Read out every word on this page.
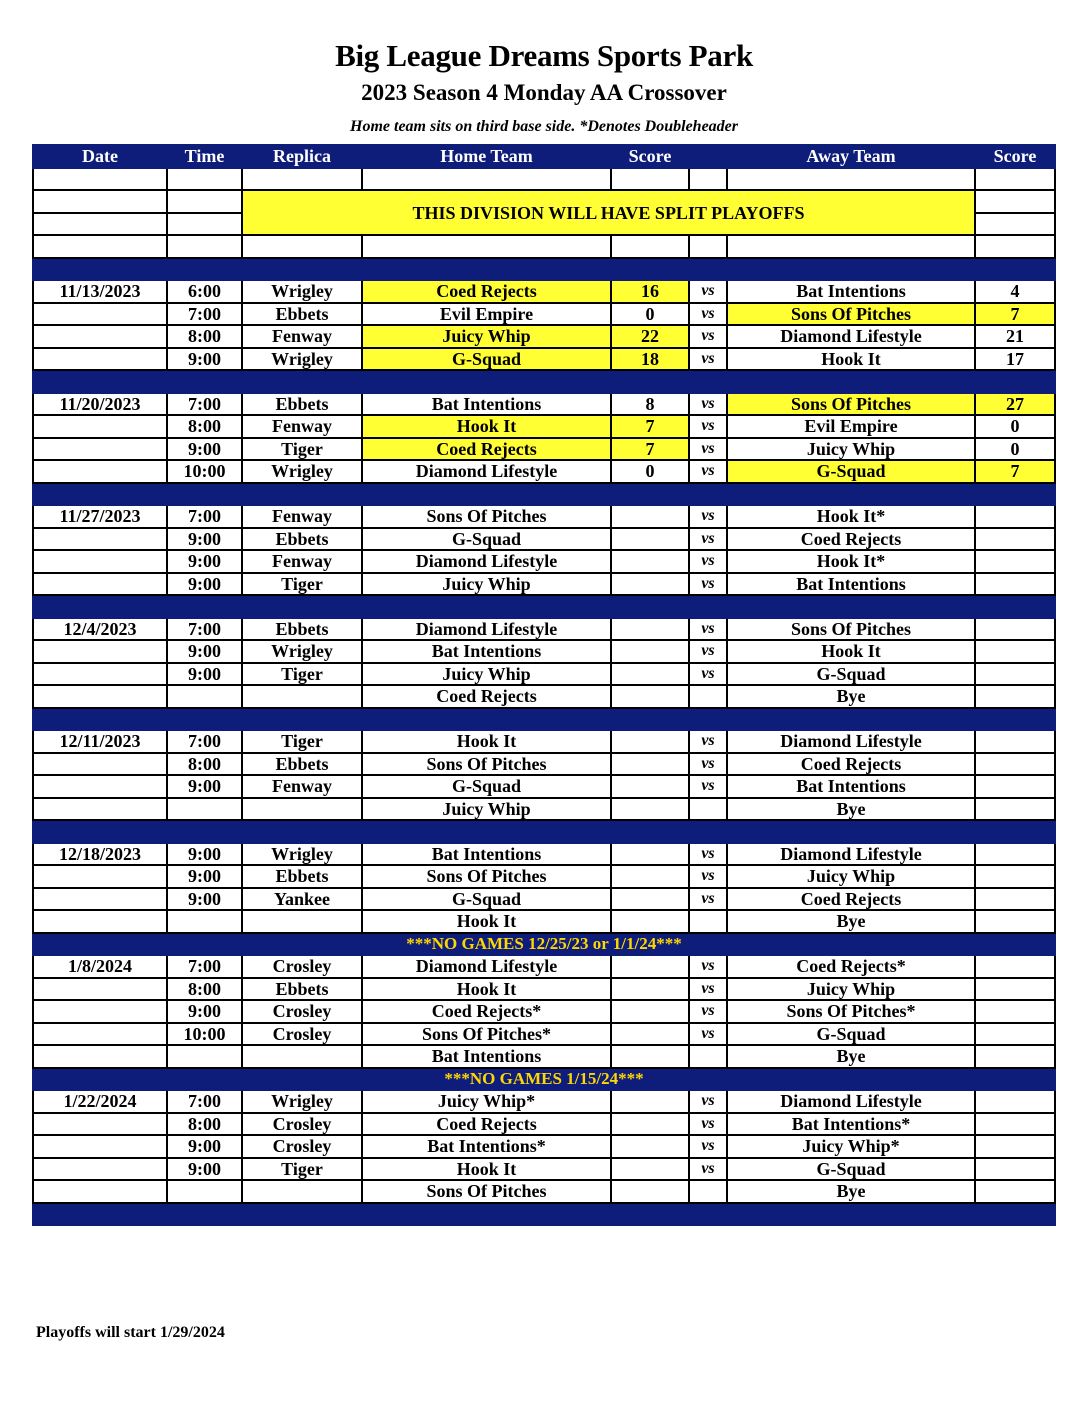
Big League Dreams Sports Park
2023 Season 4 Monday AA Crossover
Home team sits on third base side. *Denotes Doubleheader
Date	Time	Replica	Home Team	Score		Away Team	Score

		THIS DIVISION WILL HAVE SPLIT PLAYOFFS					

11/13/2023	6:00	Wrigley	Coed Rejects	16	vs	Bat Intentions	4
	7:00	Ebbets	Evil Empire	0	vs	Sons Of Pitches	7
	8:00	Fenway	Juicy Whip	22	vs	Diamond Lifestyle	21
	9:00	Wrigley	G-Squad	18	vs	Hook It	17

11/20/2023	7:00	Ebbets	Bat Intentions	8	vs	Sons Of Pitches	27
	8:00	Fenway	Hook It	7	vs	Evil Empire	0
	9:00	Tiger	Coed Rejects	7	vs	Juicy Whip	0
	10:00	Wrigley	Diamond Lifestyle	0	vs	G-Squad	7

11/27/2023	7:00	Fenway	Sons Of Pitches		vs	Hook It*	
	9:00	Ebbets	G-Squad		vs	Coed Rejects	
	9:00	Fenway	Diamond Lifestyle		vs	Hook It*	
	9:00	Tiger	Juicy Whip		vs	Bat Intentions	

12/4/2023	7:00	Ebbets	Diamond Lifestyle		vs	Sons Of Pitches	
	9:00	Wrigley	Bat Intentions		vs	Hook It	
	9:00	Tiger	Juicy Whip		vs	G-Squad	
			Coed Rejects			Bye	

12/11/2023	7:00	Tiger	Hook It		vs	Diamond Lifestyle	
	8:00	Ebbets	Sons Of Pitches		vs	Coed Rejects	
	9:00	Fenway	G-Squad		vs	Bat Intentions	
			Juicy Whip			Bye	

12/18/2023	9:00	Wrigley	Bat Intentions		vs	Diamond Lifestyle	
	9:00	Ebbets	Sons Of Pitches		vs	Juicy Whip	
	9:00	Yankee	G-Squad		vs	Coed Rejects	
			Hook It			Bye	
***NO GAMES 12/25/23 or 1/1/24***							
1/8/2024	7:00	Crosley	Diamond Lifestyle		vs	Coed Rejects*	
	8:00	Ebbets	Hook It		vs	Juicy Whip	
	9:00	Crosley	Coed Rejects*		vs	Sons Of Pitches*	
	10:00	Crosley	Sons Of Pitches*		vs	G-Squad	
			Bat Intentions			Bye	
***NO GAMES 1/15/24***							
1/22/2024	7:00	Wrigley	Juicy Whip*		vs	Diamond Lifestyle	
	8:00	Crosley	Coed Rejects		vs	Bat Intentions*	
	9:00	Crosley	Bat Intentions*		vs	Juicy Whip*	
	9:00	Tiger	Hook It		vs	G-Squad	
			Sons Of Pitches			Bye	

Playoffs will start 1/29/2024
